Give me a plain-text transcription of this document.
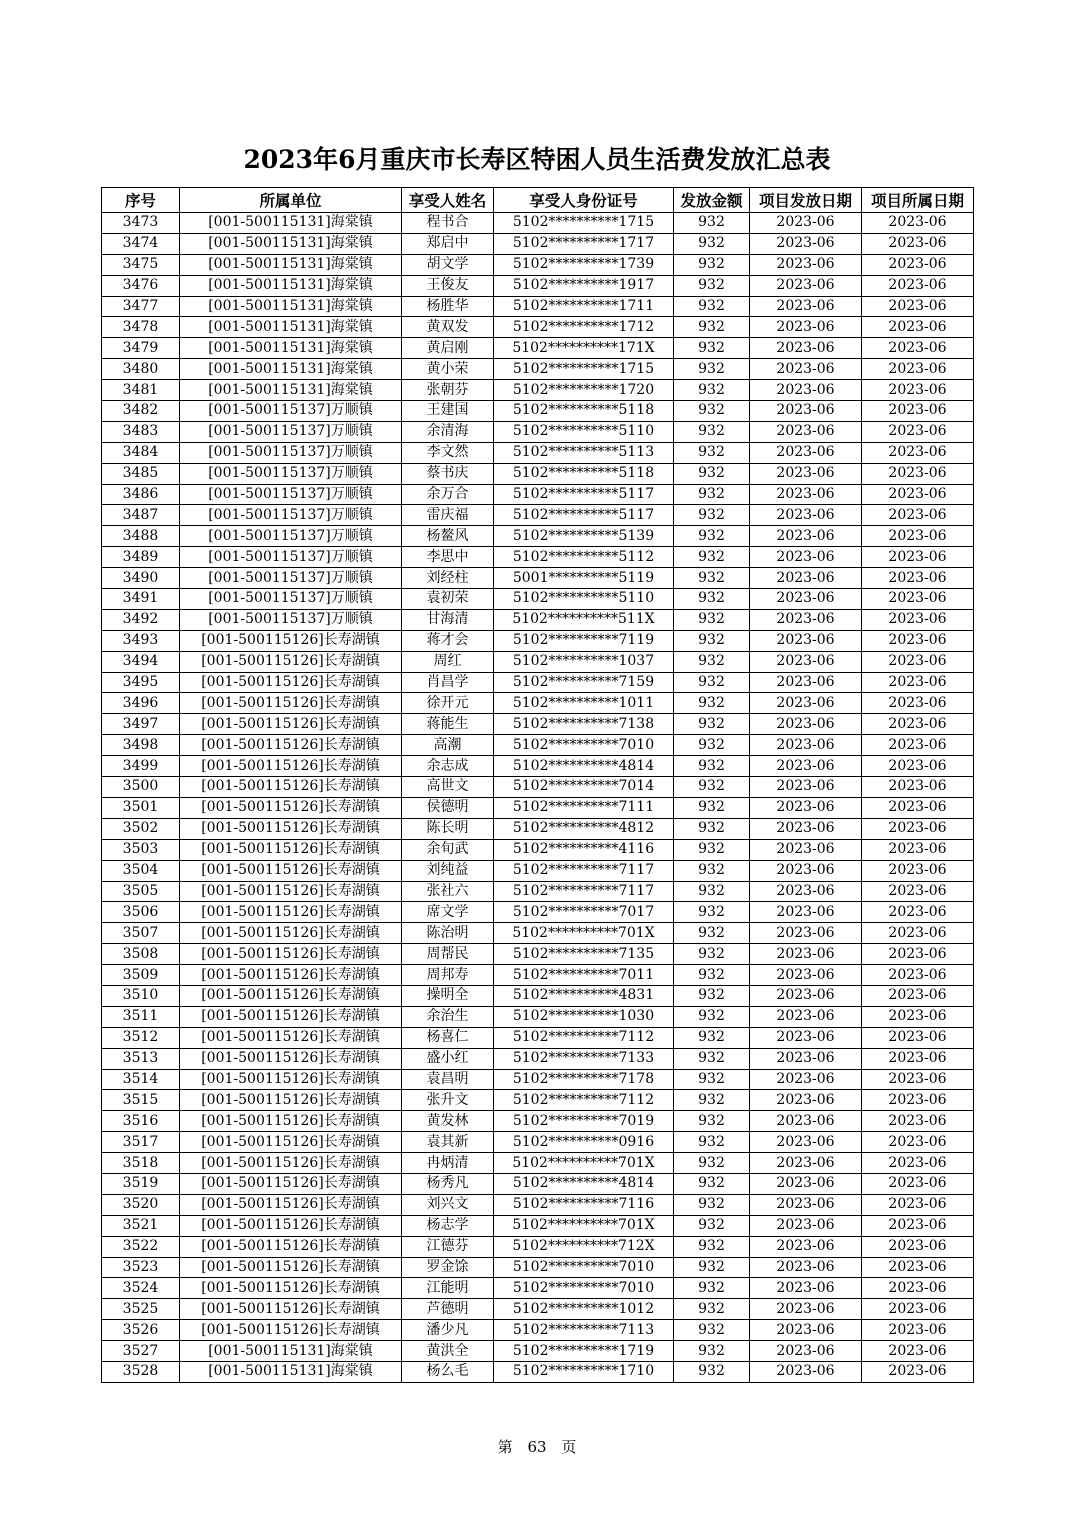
2023年6月重庆市长寿区特困人员生活费发放汇总表
序号	所属单位	享受人姓名	享受人身份证号	发放金额	项目发放日期	项目所属日期
3473	[001-500115131]海棠镇	程书合	5102**********1715	932	2023-06	2023-06
3474	[001-500115131]海棠镇	郑启中	5102**********1717	932	2023-06	2023-06
3475	[001-500115131]海棠镇	胡文学	5102**********1739	932	2023-06	2023-06
3476	[001-500115131]海棠镇	王俊友	5102**********1917	932	2023-06	2023-06
3477	[001-500115131]海棠镇	杨胜华	5102**********1711	932	2023-06	2023-06
3478	[001-500115131]海棠镇	黄双发	5102**********1712	932	2023-06	2023-06
3479	[001-500115131]海棠镇	黄启刚	5102**********171X	932	2023-06	2023-06
3480	[001-500115131]海棠镇	黄小荣	5102**********1715	932	2023-06	2023-06
3481	[001-500115131]海棠镇	张朝芬	5102**********1720	932	2023-06	2023-06
3482	[001-500115137]万顺镇	王建国	5102**********5118	932	2023-06	2023-06
3483	[001-500115137]万顺镇	余清海	5102**********5110	932	2023-06	2023-06
3484	[001-500115137]万顺镇	李文然	5102**********5113	932	2023-06	2023-06
3485	[001-500115137]万顺镇	蔡书庆	5102**********5118	932	2023-06	2023-06
3486	[001-500115137]万顺镇	余万合	5102**********5117	932	2023-06	2023-06
3487	[001-500115137]万顺镇	雷庆福	5102**********5117	932	2023-06	2023-06
3488	[001-500115137]万顺镇	杨鳌风	5102**********5139	932	2023-06	2023-06
3489	[001-500115137]万顺镇	李思中	5102**********5112	932	2023-06	2023-06
3490	[001-500115137]万顺镇	刘经柱	5001**********5119	932	2023-06	2023-06
3491	[001-500115137]万顺镇	袁初荣	5102**********5110	932	2023-06	2023-06
3492	[001-500115137]万顺镇	甘海清	5102**********511X	932	2023-06	2023-06
3493	[001-500115126]长寿湖镇	蒋才会	5102**********7119	932	2023-06	2023-06
3494	[001-500115126]长寿湖镇	周红	5102**********1037	932	2023-06	2023-06
3495	[001-500115126]长寿湖镇	肖昌学	5102**********7159	932	2023-06	2023-06
3496	[001-500115126]长寿湖镇	徐开元	5102**********1011	932	2023-06	2023-06
3497	[001-500115126]长寿湖镇	蒋能生	5102**********7138	932	2023-06	2023-06
3498	[001-500115126]长寿湖镇	高潮	5102**********7010	932	2023-06	2023-06
3499	[001-500115126]长寿湖镇	余志成	5102**********4814	932	2023-06	2023-06
3500	[001-500115126]长寿湖镇	高世文	5102**********7014	932	2023-06	2023-06
3501	[001-500115126]长寿湖镇	侯德明	5102**********7111	932	2023-06	2023-06
3502	[001-500115126]长寿湖镇	陈长明	5102**********4812	932	2023-06	2023-06
3503	[001-500115126]长寿湖镇	余旬武	5102**********4116	932	2023-06	2023-06
3504	[001-500115126]长寿湖镇	刘纯益	5102**********7117	932	2023-06	2023-06
3505	[001-500115126]长寿湖镇	张社六	5102**********7117	932	2023-06	2023-06
3506	[001-500115126]长寿湖镇	席文学	5102**********7017	932	2023-06	2023-06
3507	[001-500115126]长寿湖镇	陈治明	5102**********701X	932	2023-06	2023-06
3508	[001-500115126]长寿湖镇	周帮民	5102**********7135	932	2023-06	2023-06
3509	[001-500115126]长寿湖镇	周邦寿	5102**********7011	932	2023-06	2023-06
3510	[001-500115126]长寿湖镇	操明全	5102**********4831	932	2023-06	2023-06
3511	[001-500115126]长寿湖镇	余治生	5102**********1030	932	2023-06	2023-06
3512	[001-500115126]长寿湖镇	杨喜仁	5102**********7112	932	2023-06	2023-06
3513	[001-500115126]长寿湖镇	盛小红	5102**********7133	932	2023-06	2023-06
3514	[001-500115126]长寿湖镇	袁昌明	5102**********7178	932	2023-06	2023-06
3515	[001-500115126]长寿湖镇	张升文	5102**********7112	932	2023-06	2023-06
3516	[001-500115126]长寿湖镇	黄发林	5102**********7019	932	2023-06	2023-06
3517	[001-500115126]长寿湖镇	袁其新	5102**********0916	932	2023-06	2023-06
3518	[001-500115126]长寿湖镇	冉炳清	5102**********701X	932	2023-06	2023-06
3519	[001-500115126]长寿湖镇	杨秀凡	5102**********4814	932	2023-06	2023-06
3520	[001-500115126]长寿湖镇	刘兴文	5102**********7116	932	2023-06	2023-06
3521	[001-500115126]长寿湖镇	杨志学	5102**********701X	932	2023-06	2023-06
3522	[001-500115126]长寿湖镇	江德芬	5102**********712X	932	2023-06	2023-06
3523	[001-500115126]长寿湖镇	罗金馀	5102**********7010	932	2023-06	2023-06
3524	[001-500115126]长寿湖镇	江能明	5102**********7010	932	2023-06	2023-06
3525	[001-500115126]长寿湖镇	芦德明	5102**********1012	932	2023-06	2023-06
3526	[001-500115126]长寿湖镇	潘少凡	5102**********7113	932	2023-06	2023-06
3527	[001-500115131]海棠镇	黄洪全	5102**********1719	932	2023-06	2023-06
3528	[001-500115131]海棠镇	杨么毛	5102**********1710	932	2023-06	2023-06
第 63 页
